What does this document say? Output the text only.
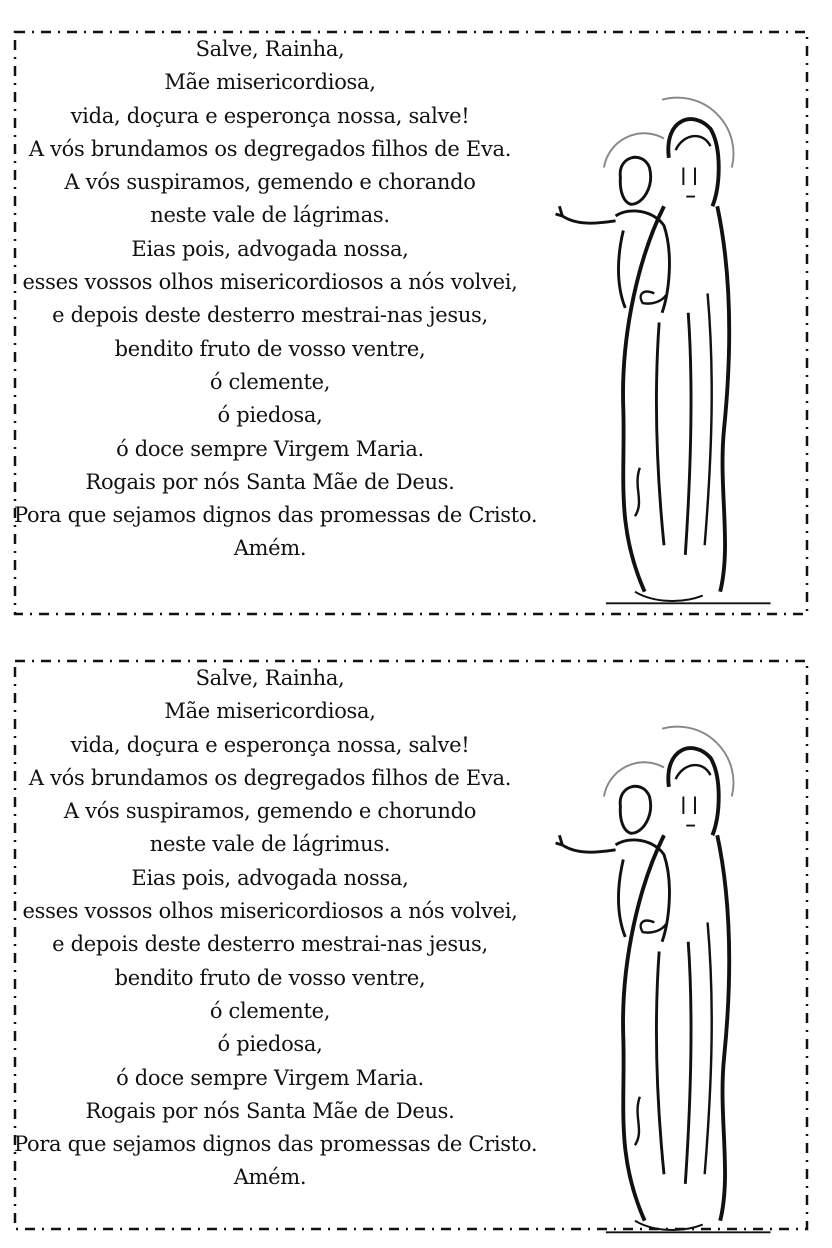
Salve, Rainha,
Mãe misericordiosa,
vida, doçura e esperonça nossa, salve!
A vós brundamos os degregados filhos de Eva.
A vós suspiramos, gemendo e chorando
neste vale de lágrimas.
Eias pois, advogada nossa,
esses vossos olhos misericordiosos a nós volvei,
e depois deste desterro mestrai-nas jesus,
bendito fruto de vosso ventre,
ó clemente,
ó piedosa,
ó doce sempre Virgem Maria.
Rogais por nós Santa Mãe de Deus.
Pora que sejamos dignos das promessas de Cristo.
Amém.
Salve, Rainha,
Mãe misericordiosa,
vida, doçura e esperonça nossa, salve!
A vós brundamos os degregados filhos de Eva.
A vós suspiramos, gemendo e chorundo
neste vale de lágrimus.
Eias pois, advogada nossa,
esses vossos olhos misericordiosos a nós volvei,
e depois deste desterro mestrai-nas jesus,
bendito fruto de vosso ventre,
ó clemente,
ó piedosa,
ó doce sempre Virgem Maria.
Rogais por nós Santa Mãe de Deus.
Pora que sejamos dignos das promessas de Cristo.
Amém.
